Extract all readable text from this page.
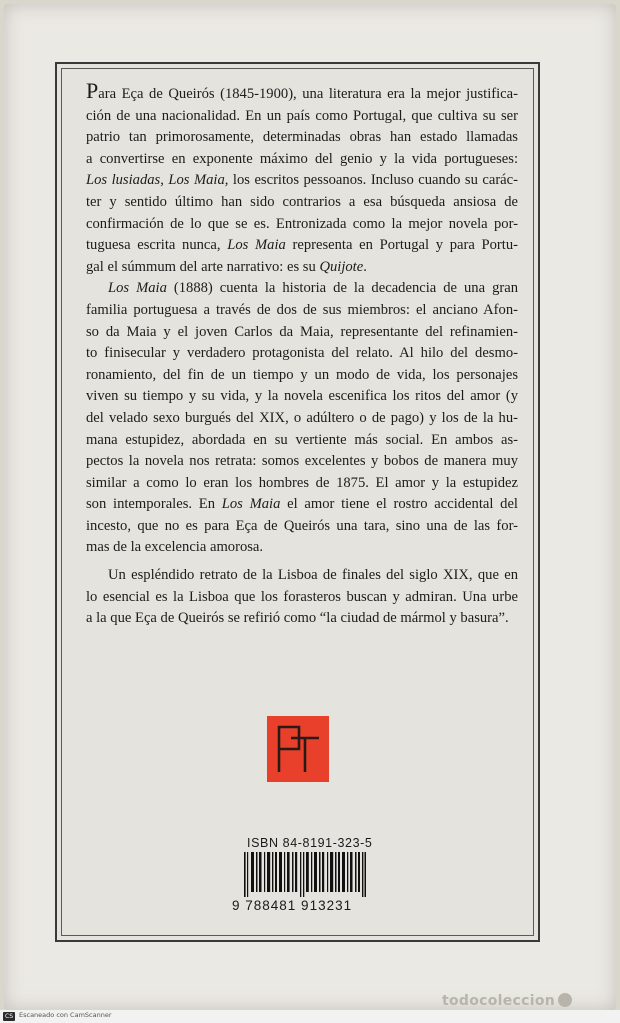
Para Eça de Queirós (1845-1900), una literatura era la mejor justifica-
ción de una nacionalidad. En un país como Portugal, que cultiva su ser
patrio tan primorosamente, determinadas obras han estado llamadas
a convertirse en exponente máximo del genio y la vida portugueses:
Los lusiadas, Los Maia, los escritos pessoanos. Incluso cuando su carác-
ter y sentido último han sido contrarios a esa búsqueda ansiosa de
confirmación de lo que se es. Entronizada como la mejor novela por-
tuguesa escrita nunca, Los Maia representa en Portugal y para Portu-
gal el súmmum del arte narrativo: es su Quijote.
Los Maia (1888) cuenta la historia de la decadencia de una gran
familia portuguesa a través de dos de sus miembros: el anciano Afon-
so da Maia y el joven Carlos da Maia, representante del refinamien-
to finisecular y verdadero protagonista del relato. Al hilo del desmo-
ronamiento, del fin de un tiempo y un modo de vida, los personajes
viven su tiempo y su vida, y la novela escenifica los ritos del amor (y
del velado sexo burgués del XIX, o adúltero o de pago) y los de la hu-
mana estupidez, abordada en su vertiente más social. En ambos as-
pectos la novela nos retrata: somos excelentes y bobos de manera muy
similar a como lo eran los hombres de 1875. El amor y la estupidez
son intemporales. En Los Maia el amor tiene el rostro accidental del
incesto, que no es para Eça de Queirós una tara, sino una de las for-
mas de la excelencia amorosa.
Un espléndido retrato de la Lisboa de finales del siglo XIX, que en
lo esencial es la Lisboa que los forasteros buscan y admiran. Una urbe
a la que Eça de Queirós se refirió como “la ciudad de mármol y basura”.
ISBN 84-8191-323-5
9 788481 913231
CS Escaneado con CamScanner
todocoleccion
